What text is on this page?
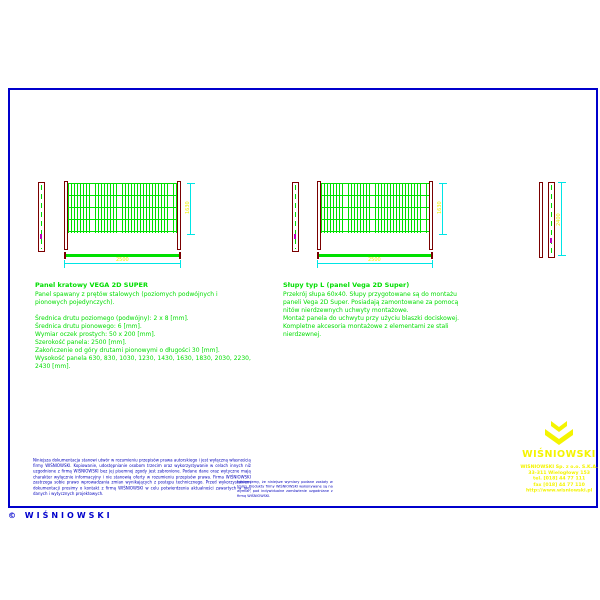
1630
2500
1630
2500
2400
Panel kratowy VEGA 2D SUPER
Panel spawany z prętów stalowych (poziomych podwójnych i pionowych pojedynczych).
Średnica drutu poziomego (podwójny): 2 x 8 [mm].
Średnica drutu pionowego: 6 [mm].
Wymiar oczek prostych: 50 x 200 [mm].
Szerokość panela: 2500 [mm].
Zakończenie od góry drutami pionowymi o długości 30 [mm].
Wysokość panela 630, 830, 1030, 1230, 1430, 1630, 1830, 2030, 2230, 2430 [mm].
Słupy typ L (panel Vega 2D Super)
Przekrój słupa 60x40. Słupy przygotowane są do montażu paneli Vega 2D Super. Posiadają zamontowane za pomocą nitów nierdzewnych uchwyty montażowe.
Montaż panela do uchwytu przy użyciu blaszki dociskowej.
Kompletne akcesoria montażowe z elementami ze stali nierdzewnej.
Niniejsza dokumentacja stanowi utwór w rozumieniu przepisów prawa autorskiego i jest wyłączną własnością firmy WIŚNIOWSKI. Kopiowanie, udostępnianie osobom trzecim oraz wykorzystywanie w celach innych niż uzgodnione z firmą WIŚNIOWSKI bez jej pisemnej zgody jest zabronione. Podane dane oraz wytyczne mają charakter wyłącznie informacyjny i nie stanowią oferty w rozumieniu przepisów prawa. Firma WIŚNIOWSKI zastrzega sobie prawo wprowadzania zmian wynikających z postępu technicznego. Przed wykorzystaniem dokumentacji prosimy o kontakt z firmą WIŚNIOWSKI w celu potwierdzenia aktualności zawartych w niej danych i wytycznych projektowych.
Informujemy, że niniejsze wymiary podane zostały w [mm]. Produkty firmy WIŚNIOWSKI wykonywane są na wymiar, pod indywidualne zamówienie uzgadniane z firmą WIŚNIOWSKI.
WIŚNIOWSKI
WIŚNIOWSKI Sp. z o.o. S.K.A.
33-311 Wielogłowy 153
tel. [018] 44 77 111
fax [018] 44 77 110
http://www.wisniowski.pl
© WIŚNIOWSKI
